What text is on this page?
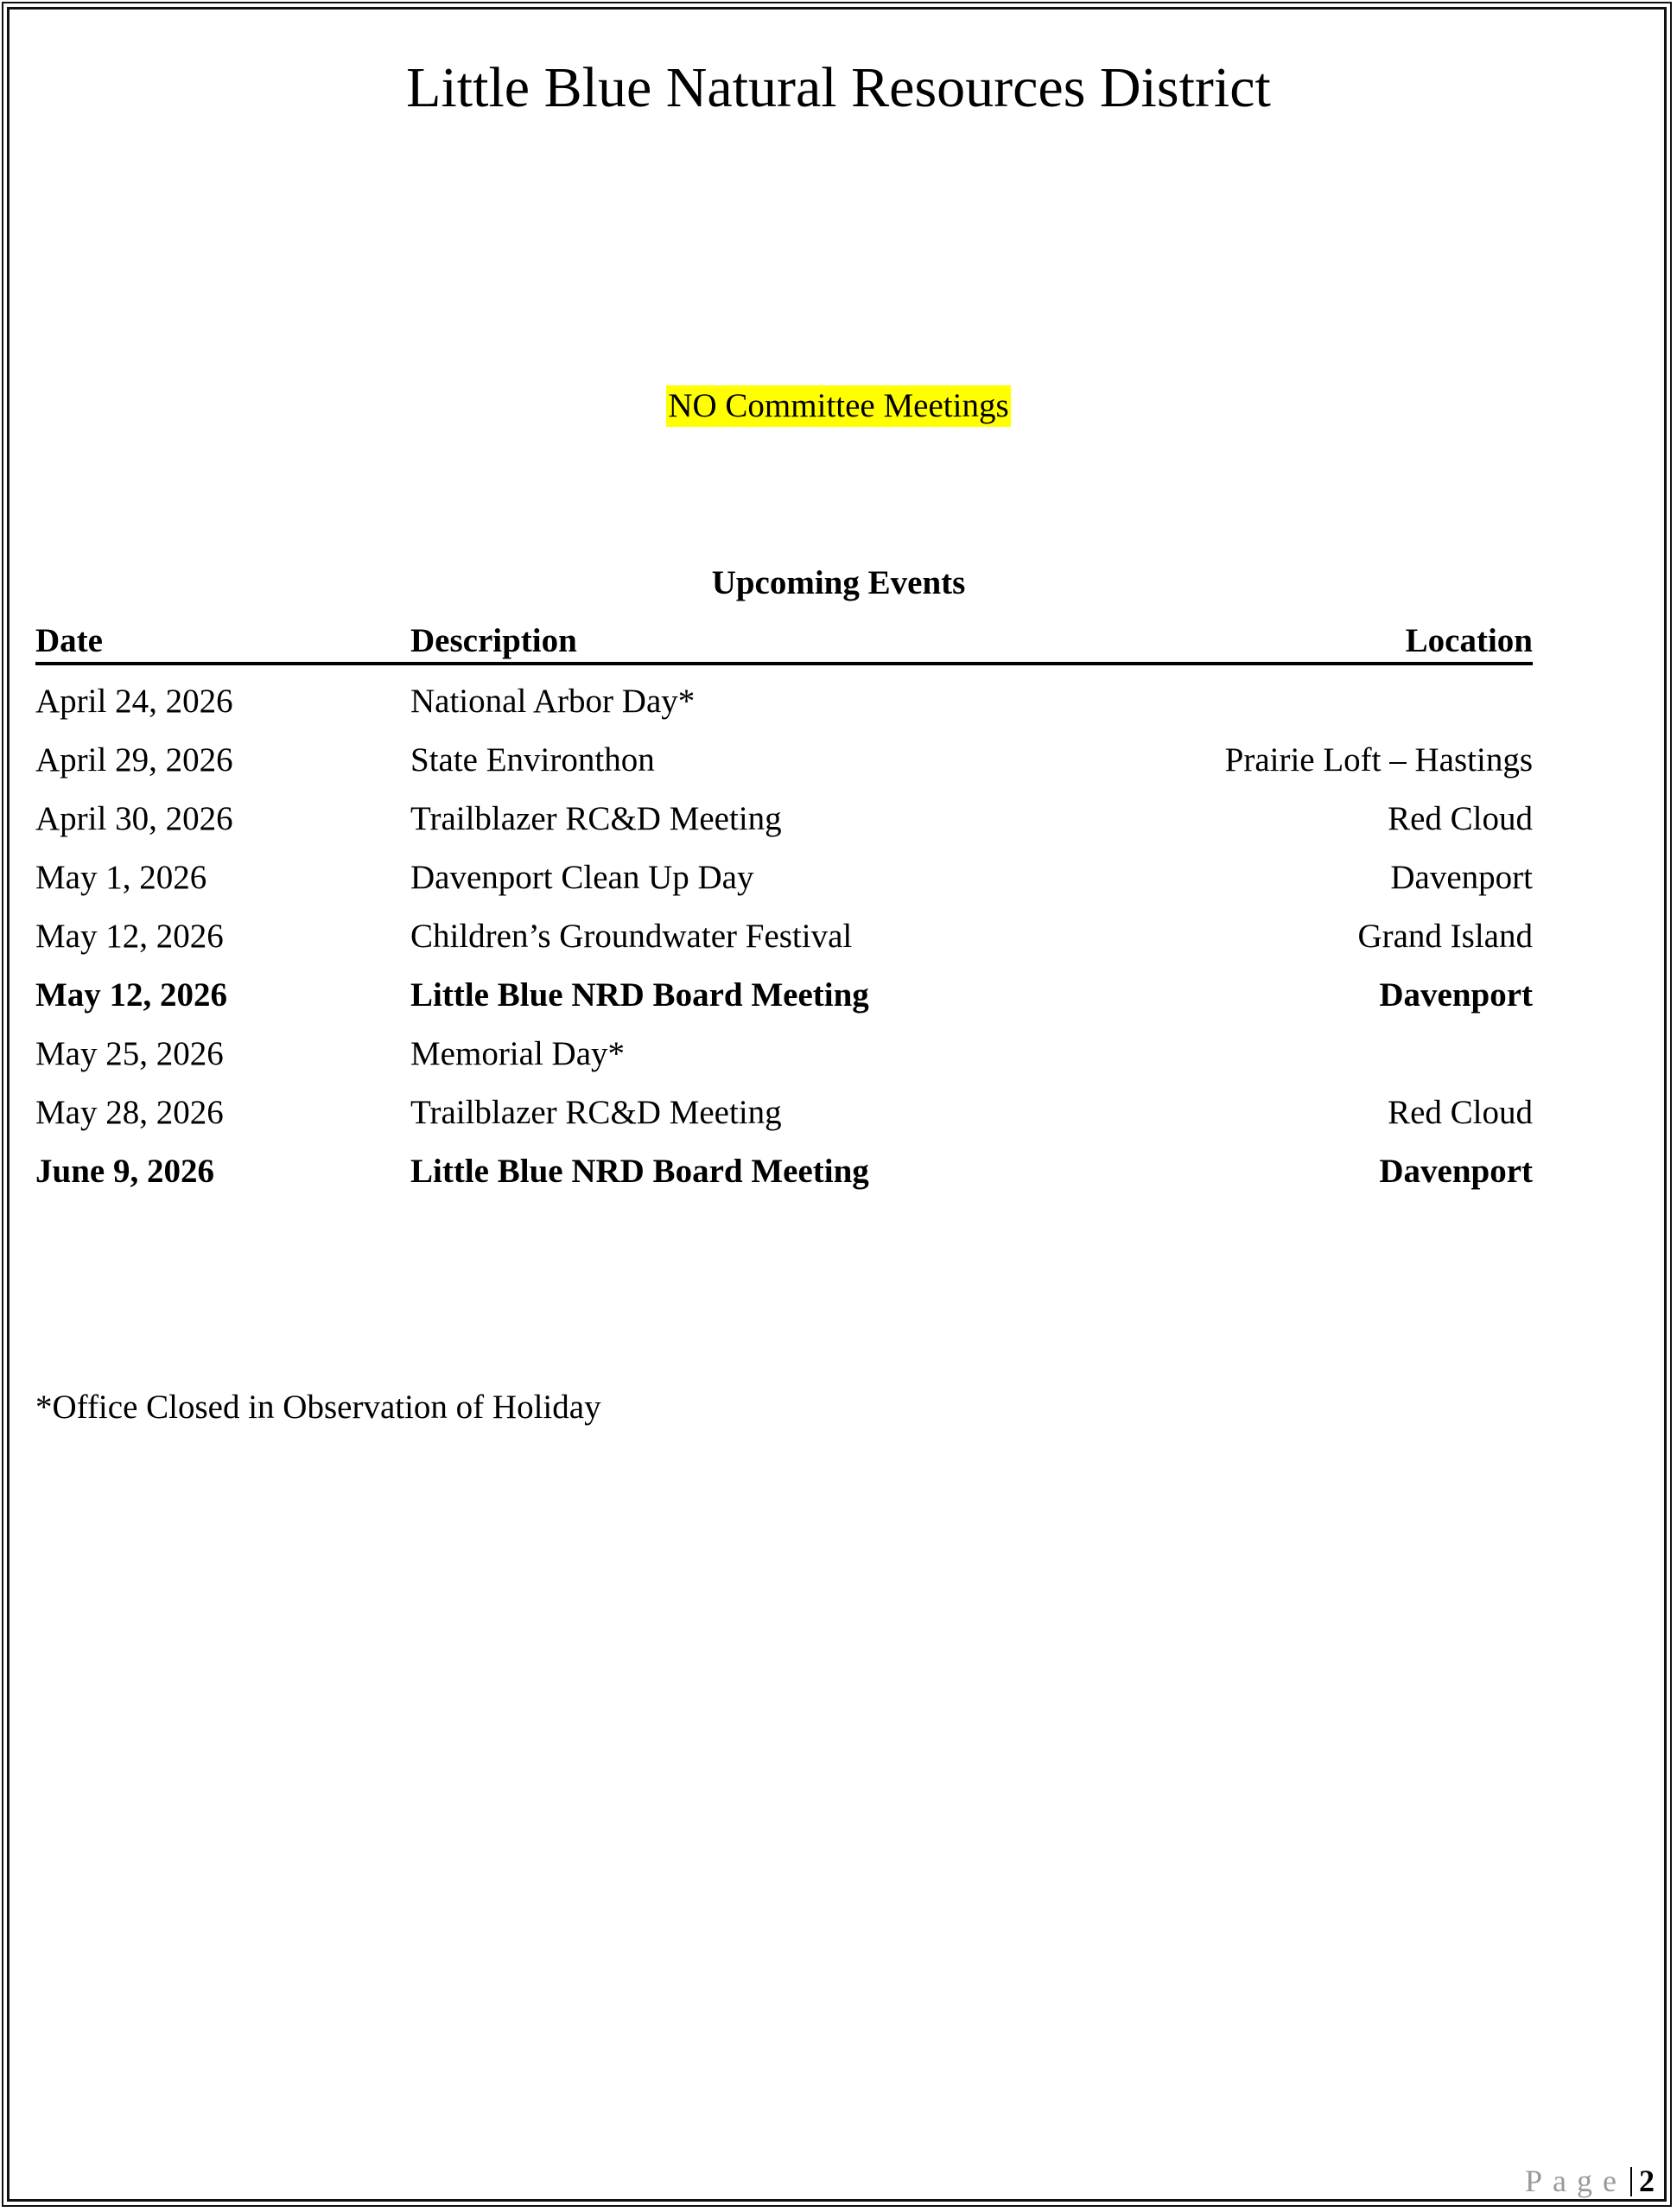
Little Blue Natural Resources District
NO Committee Meetings
Upcoming Events
Date	Description	Location
April 24, 2026	National Arbor Day*
April 29, 2026	State Environthon	Prairie Loft – Hastings
April 30, 2026	Trailblazer RC&D Meeting	Red Cloud
May 1, 2026	Davenport Clean Up Day	Davenport
May 12, 2026	Children’s Groundwater Festival	Grand Island
May 12, 2026	Little Blue NRD Board Meeting	Davenport
May 25, 2026	Memorial Day*
May 28, 2026	Trailblazer RC&D Meeting	Red Cloud
June 9, 2026	Little Blue NRD Board Meeting	Davenport
*Office Closed in Observation of Holiday
Page 2
